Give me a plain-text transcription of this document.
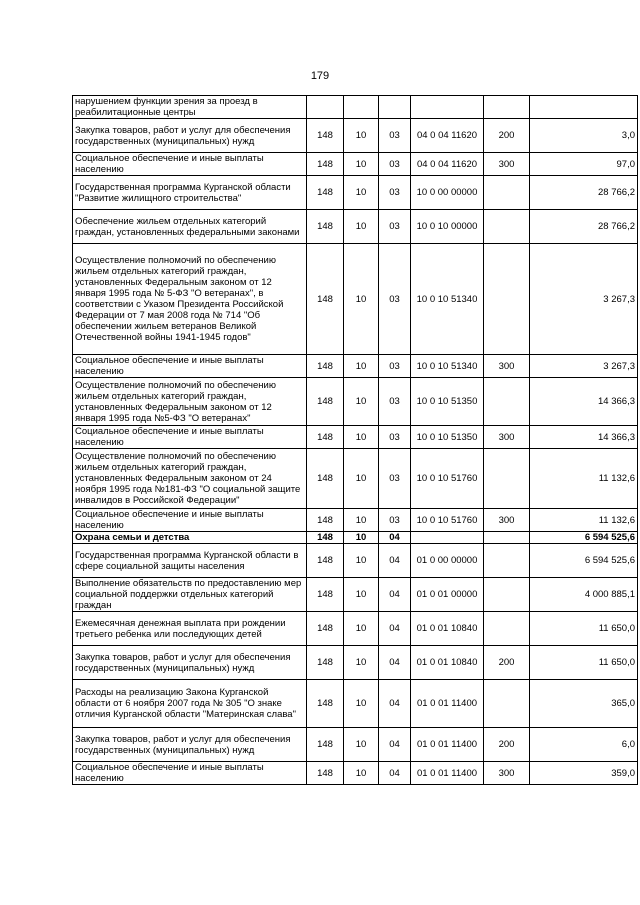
179
нарушением функции зрения за проезд в реабилитационные центры						
Закупка товаров, работ и услуг для обеспечения государственных (муниципальных) нужд	148	10	03	04 0 04 11620	200	3,0
Социальное обеспечение и иные выплаты населению	148	10	03	04 0 04 11620	300	97,0
Государственная программа Курганской области "Развитие жилищного строительства"	148	10	03	10 0 00 00000		28 766,2
Обеспечение жильем отдельных категорий граждан, установленных федеральными законами	148	10	03	10 0 10 00000		28 766,2
Осуществление полномочий по обеспечению жильем отдельных категорий граждан, установленных Федеральным законом от 12 января 1995 года № 5-ФЗ "О ветеранах", в соответствии с Указом Президента Российской Федерации от 7 мая 2008 года № 714 "Об обеспечении жильем ветеранов Великой Отечественной войны 1941-1945 годов"	148	10	03	10 0 10 51340		3 267,3
Социальное обеспечение и иные выплаты населению	148	10	03	10 0 10 51340	300	3 267,3
Осуществление полномочий по обеспечению жильем отдельных категорий граждан, установленных Федеральным законом от 12 января 1995 года №5-ФЗ "О ветеранах"	148	10	03	10 0 10 51350		14 366,3
Социальное обеспечение и иные выплаты населению	148	10	03	10 0 10 51350	300	14 366,3
Осуществление полномочий по обеспечению жильем отдельных категорий граждан, установленных Федеральным законом от 24 ноября 1995 года №181-ФЗ "О социальной защите инвалидов в Российской Федерации"	148	10	03	10 0 10 51760		11 132,6
Социальное обеспечение и иные выплаты населению	148	10	03	10 0 10 51760	300	11 132,6
Охрана семьи и детства	148	10	04			6 594 525,6
Государственная программа Курганской области в сфере социальной защиты населения	148	10	04	01 0 00 00000		6 594 525,6
Выполнение обязательств по предоставлению мер социальной поддержки отдельных категорий граждан	148	10	04	01 0 01 00000		4 000 885,1
Ежемесячная денежная выплата при рождении третьего ребенка или последующих детей	148	10	04	01 0 01 10840		11 650,0
Закупка товаров, работ и услуг для обеспечения государственных (муниципальных) нужд	148	10	04	01 0 01 10840	200	11 650,0
Расходы на реализацию Закона Курганской области от 6 ноября 2007 года № 305 "О знаке отличия Курганской области "Материнская слава"	148	10	04	01 0 01 11400		365,0
Закупка товаров, работ и услуг для обеспечения государственных (муниципальных) нужд	148	10	04	01 0 01 11400	200	6,0
Социальное обеспечение и иные выплаты населению	148	10	04	01 0 01 11400	300	359,0
